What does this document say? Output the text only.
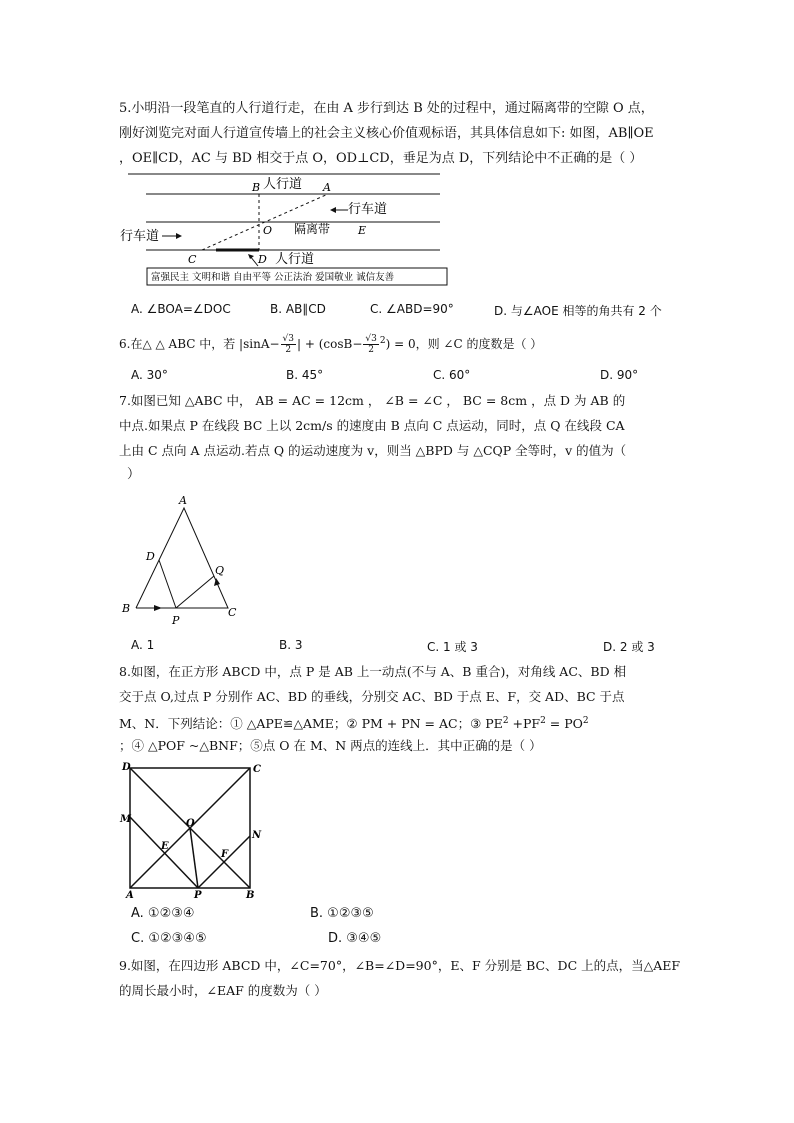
5.小明沿一段笔直的人行道行走，在由 A 步行到达 B 处的过程中，通过隔离带的空隙 O 点，
刚好浏览完对面人行道宣传墙上的社会主义核心价值观标语，其具体信息如下: 如图，AB∥OE
，OE∥CD，AC 与 BD 相交于点 O，OD⊥CD，垂足为点 D，下列结论中不正确的是（ ）
B	A
人行道
行车道
O 隔离带	E
行车道
C	D 人行道
富强民主 文明和谐 自由平等 公正法治 爱国敬业 诚信友善
A. ∠BOA=∠DOC	B. AB∥CD	C. ∠ABD=90°	D. 与∠AOE 相等的角共有 2 个
6.在△ △ ABC 中，若 $|\sin A- \frac{√3}{2}$ | + $(\cos B- \frac{√3}{2} ^2) = 0$，则 ∠C 的度数是（ ）
A. 30°	B. 45°	C. 60°	D. 90°
7.如图已知 △ABC 中， AB = AC = 12cm ， ∠B = ∠C ， BC = 8cm ，点 D 为 AB 的
中点.如果点 P 在线段 BC 上以 2cm/s 的速度由 B 点向 C 点运动，同时，点 Q 在线段 CA
上由 C 点向 A 点运动.若点 Q 的运动速度为 v，则当 △BPD 与 △CQP 全等时，v 的值为（
）
A
D
Q
B	C
P
A. 1	B. 3	C. 1 或 3	D. 2 或 3
8.如图，在正方形 ABCD 中，点 P 是 AB 上一动点(不与 A、B 重合)，对角线 AC、BD 相
交于点 O,过点 P 分别作 AC、BD 的垂线，分别交 AC、BD 于点 E、F，交 AD、BC 于点
M、N．下列结论：① △APE≌△AME；② PM + PN = AC；③ $PE^2 +PF^2 = PO^2$
；④ △POF ~△BNF；⑤点 O 在 M、N 两点的连线上．其中正确的是（ ）
D	C
M	O
N
E
F
A	P	B
A. ①②③④	B. ①②③⑤
C. ①②③④⑤	D. ③④⑤
9.如图，在四边形 ABCD 中，∠C=70°，∠B=∠D=90°，E、F 分别是 BC、DC 上的点，当△AEF
的周长最小时，∠EAF 的度数为（ ）
